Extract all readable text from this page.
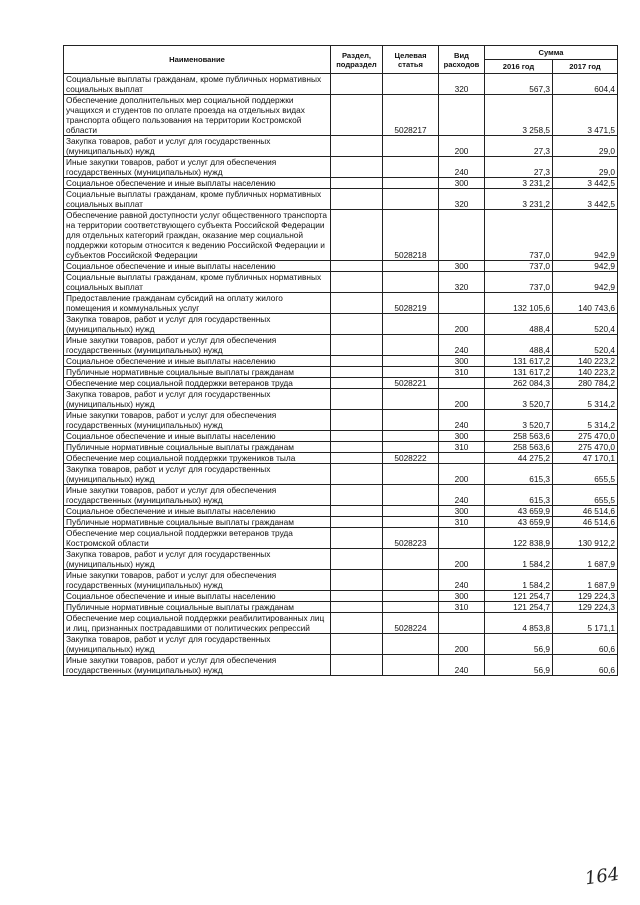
Наименование	Раздел, подраздел	Целевая статья	Вид расходов	Сумма	
				2016 год	2017 год
Социальные выплаты гражданам, кроме публичных нормативных социальных выплат			320	567,3	604,4
Обеспечение дополнительных мер социальной поддержки учащихся и студентов по оплате проезда на отдельных видах транспорта общего пользования на территории Костромской области		5028217		3 258,5	3 471,5
Закупка товаров, работ и услуг для государственных (муниципальных) нужд			200	27,3	29,0
Иные закупки товаров, работ и услуг для обеспечения государственных (муниципальных) нужд			240	27,3	29,0
Социальное обеспечение и иные выплаты населению			300	3 231,2	3 442,5
Социальные выплаты гражданам, кроме публичных нормативных социальных выплат			320	3 231,2	3 442,5
Обеспечение равной доступности услуг общественного транспорта на территории соответствующего субъекта Российской Федерации для отдельных категорий граждан, оказание мер социальной поддержки которым относится к ведению Российской Федерации и субъектов Российской Федерации		5028218		737,0	942,9
Социальное обеспечение и иные выплаты населению			300	737,0	942,9
Социальные выплаты гражданам, кроме публичных нормативных социальных выплат			320	737,0	942,9
Предоставление гражданам субсидий на оплату жилого помещения и коммунальных услуг		5028219		132 105,6	140 743,6
Закупка товаров, работ и услуг для государственных (муниципальных) нужд			200	488,4	520,4
Иные закупки товаров, работ и услуг для обеспечения государственных (муниципальных) нужд			240	488,4	520,4
Социальное обеспечение и иные выплаты населению			300	131 617,2	140 223,2
Публичные нормативные социальные выплаты гражданам			310	131 617,2	140 223,2
Обеспечение мер социальной поддержки ветеранов труда		5028221		262 084,3	280 784,2
Закупка товаров, работ и услуг для государственных (муниципальных) нужд			200	3 520,7	5 314,2
Иные закупки товаров, работ и услуг для обеспечения государственных (муниципальных) нужд			240	3 520,7	5 314,2
Социальное обеспечение и иные выплаты населению			300	258 563,6	275 470,0
Публичные нормативные социальные выплаты гражданам			310	258 563,6	275 470,0
Обеспечение мер социальной поддержки тружеников тыла		5028222		44 275,2	47 170,1
Закупка товаров, работ и услуг для государственных (муниципальных) нужд			200	615,3	655,5
Иные закупки товаров, работ и услуг для обеспечения государственных (муниципальных) нужд			240	615,3	655,5
Социальное обеспечение и иные выплаты населению			300	43 659,9	46 514,6
Публичные нормативные социальные выплаты гражданам			310	43 659,9	46 514,6
Обеспечение мер социальной поддержки ветеранов труда Костромской области		5028223		122 838,9	130 912,2
Закупка товаров, работ и услуг для государственных (муниципальных) нужд			200	1 584,2	1 687,9
Иные закупки товаров, работ и услуг для обеспечения государственных (муниципальных) нужд			240	1 584,2	1 687,9
Социальное обеспечение и иные выплаты населению			300	121 254,7	129 224,3
Публичные нормативные социальные выплаты гражданам			310	121 254,7	129 224,3
Обеспечение мер социальной поддержки реабилитированных лиц и лиц, признанных пострадавшими от политических репрессий		5028224		4 853,8	5 171,1
Закупка товаров, работ и услуг для государственных (муниципальных) нужд			200	56,9	60,6
Иные закупки товаров, работ и услуг для обеспечения государственных (муниципальных) нужд			240	56,9	60,6
164
